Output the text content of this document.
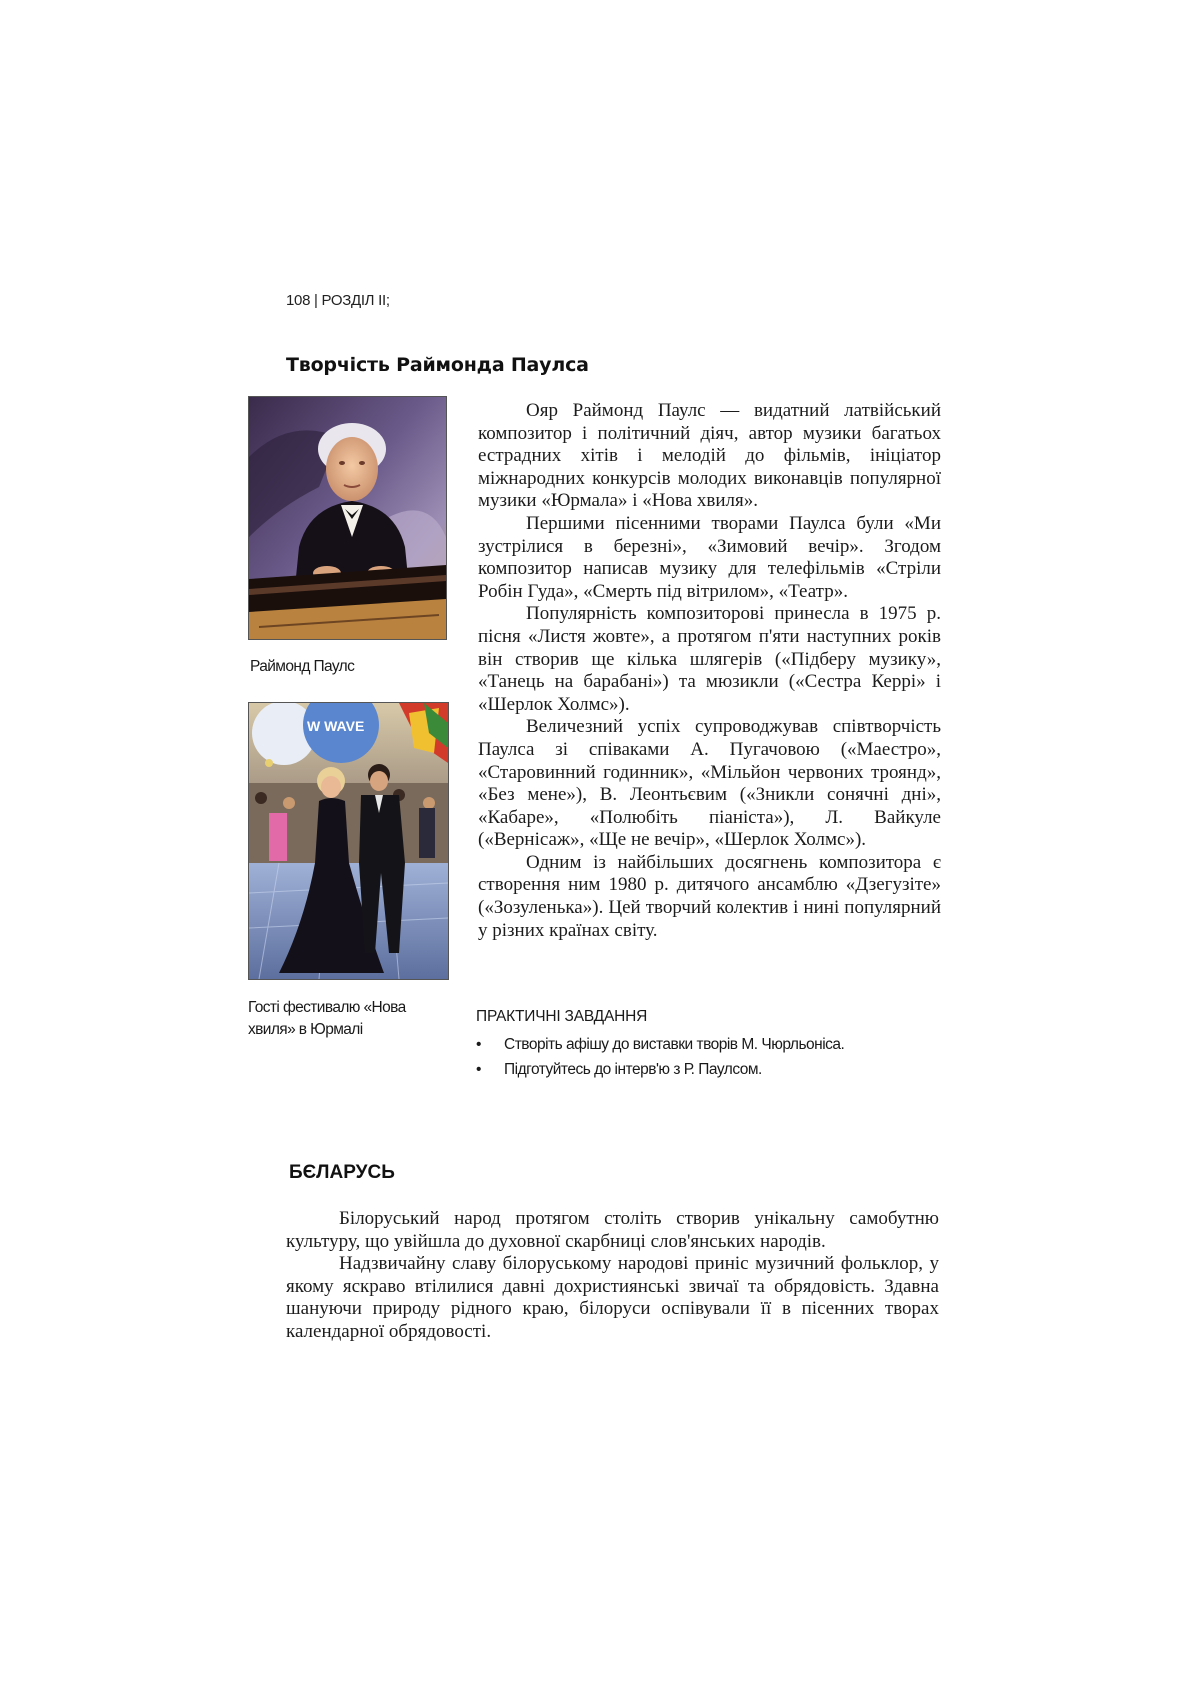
108 | РОЗДІЛ ІІ;
Творчість Раймонда Паулса
Раймонд Паулс
W WAVE
Гості фестивалю «Нова хвиля» в Юрмалі

Ояр Раймонд Паулс — видатний латвійський композитор і політичний діяч, автор музики багатьох естрадних хітів і мелодій до фільмів, ініціатор міжнародних конкурсів молодих виконавців популярної музики «Юрмала» і «Нова хвиля».

Першими пісенними творами Паулса були «Ми зустрілися в березні», «Зимовий вечір». Згодом композитор написав музику для телефільмів «Стріли Робін Гуда», «Смерть під вітрилом», «Театр».

Популярність композиторові принесла в 1975 р. пісня «Листя жовте», а протягом п'яти наступних років він створив ще кілька шлягерів («Підберу музику», «Танець на барабані») та мюзикли («Сестра Керрі» і «Шерлок Холмс»).

Величезний успіх супроводжував співтворчість Паулса зі співаками А. Пугачовою («Маестро», «Старовинний годинник», «Мільйон червоних троянд», «Без мене»), В. Леонтьєвим («Зникли сонячні дні», «Кабаре», «Полюбіть піаніста»), Л. Вайкуле («Вернісаж», «Ще не вечір», «Шерлок Холмс»).

Одним із найбільших досягнень композитора є створення ним 1980 р. дитячого ансамблю «Дзегузіте» («Зозуленька»). Цей творчий колектив і нині популярний у різних країнах світу.

ПРАКТИЧНІ ЗАВДАННЯ
• Створіть афішу до виставки творів М. Чюрльоніса.
• Підготуйтесь до інтерв'ю з Р. Паулсом.
БЄЛАРУСЬ

Білоруський народ протягом століть створив унікальну самобутню культуру, що увійшла до духовної скарбниці слов'янських народів.

Надзвичайну славу білоруському народові приніс музичний фольклор, у якому яскраво втілилися давні дохристиянські звичаї та обрядовість. Здавна шануючи природу рідного краю, білоруси оспівували її в пісенних творах календарної обрядовості.
